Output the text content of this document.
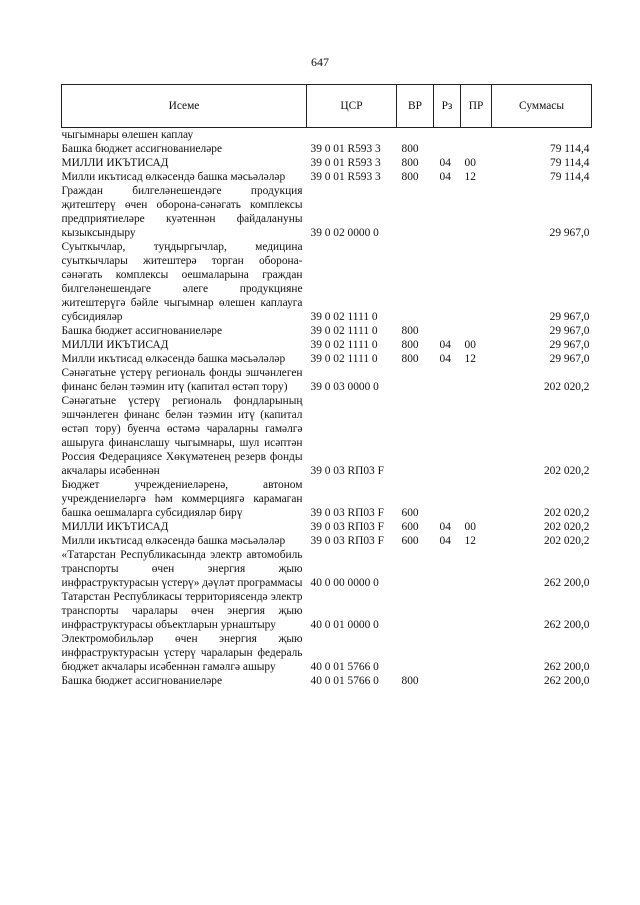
647
Исеме	ЦСР	ВР	Рз	ПР	Суммасы
чыгымнары өлешен каплау					
Башка бюджет ассигнованиеләре	39 0 01 R593 3	800			79 114,4
МИЛЛИ ИКЪТИСАД	39 0 01 R593 3	800	04	00	79 114,4
Милли икътисад өлкәсендә башка мәсьәләләр	39 0 01 R593 3	800	04	12	79 114,4
Граждан билгеләнешендәге продукция җитештерү өчен оборона-сәнәгать комплексы предприятиеләре куәтеннән файдалануны кызыксындыру	39 0 02 0000 0				29 967,0
Суыткычлар, туңдыргычлар, медицина суыткычлары житештерә торган оборона-сәнәгать комплексы оешмаларына граждан билгеләнешендәге әлеге продукцияне житештерүгә бәйле чыгымнар өлешен каплауга субсидияләр	39 0 02 1111 0				29 967,0
Башка бюджет ассигнованиеләре	39 0 02 1111 0	800			29 967,0
МИЛЛИ ИКЪТИСАД	39 0 02 1111 0	800	04	00	29 967,0
Милли икътисад өлкәсендә башка мәсьәләләр	39 0 02 1111 0	800	04	12	29 967,0
Сәнәгатьне үстерү региональ фонды эшчәнлеген финанс белән тәэмин итү (капитал өстәп тору)	39 0 03 0000 0				202 020,2
Сәнәгатьне үстерү региональ фондларының эшчәнлеген финанс белән тәэмин итү (капитал өстәп тору) буенча өстәмә чараларны гамәлгә ашыруга финанслашу чыгымнары, шул исәптән Россия Федерациясе Хөкүмәтенең резерв фонды акчалары исәбеннән	39 0 03 RП03 F				202 020,2
Бюджет учреждениеләренә, автоном учреждениеләргә һәм коммерциягә карамаган башка оешмаларга субсидияләр бирү	39 0 03 RП03 F	600			202 020,2
МИЛЛИ ИКЪТИСАД	39 0 03 RП03 F	600	04	00	202 020,2
Милли икътисад өлкәсендә башка мәсьәләләр	39 0 03 RП03 F	600	04	12	202 020,2
«Татарстан Республикасында электр автомобиль транспорты өчен энергия җыю инфраструктурасын үстерү» дәүләт программасы	40 0 00 0000 0				262 200,0
Татарстан Республикасы территориясендә электр транспорты чаралары өчен энергия җыю инфраструктурасы объектларын урнаштыру	40 0 01 0000 0				262 200,0
Электромобильләр өчен энергия җыю инфраструктурасын үстерү чараларын федераль бюджет акчалары исәбеннән гамәлгә ашыру	40 0 01 5766 0				262 200,0
Башка бюджет ассигнованиеләре	40 0 01 5766 0	800			262 200,0
